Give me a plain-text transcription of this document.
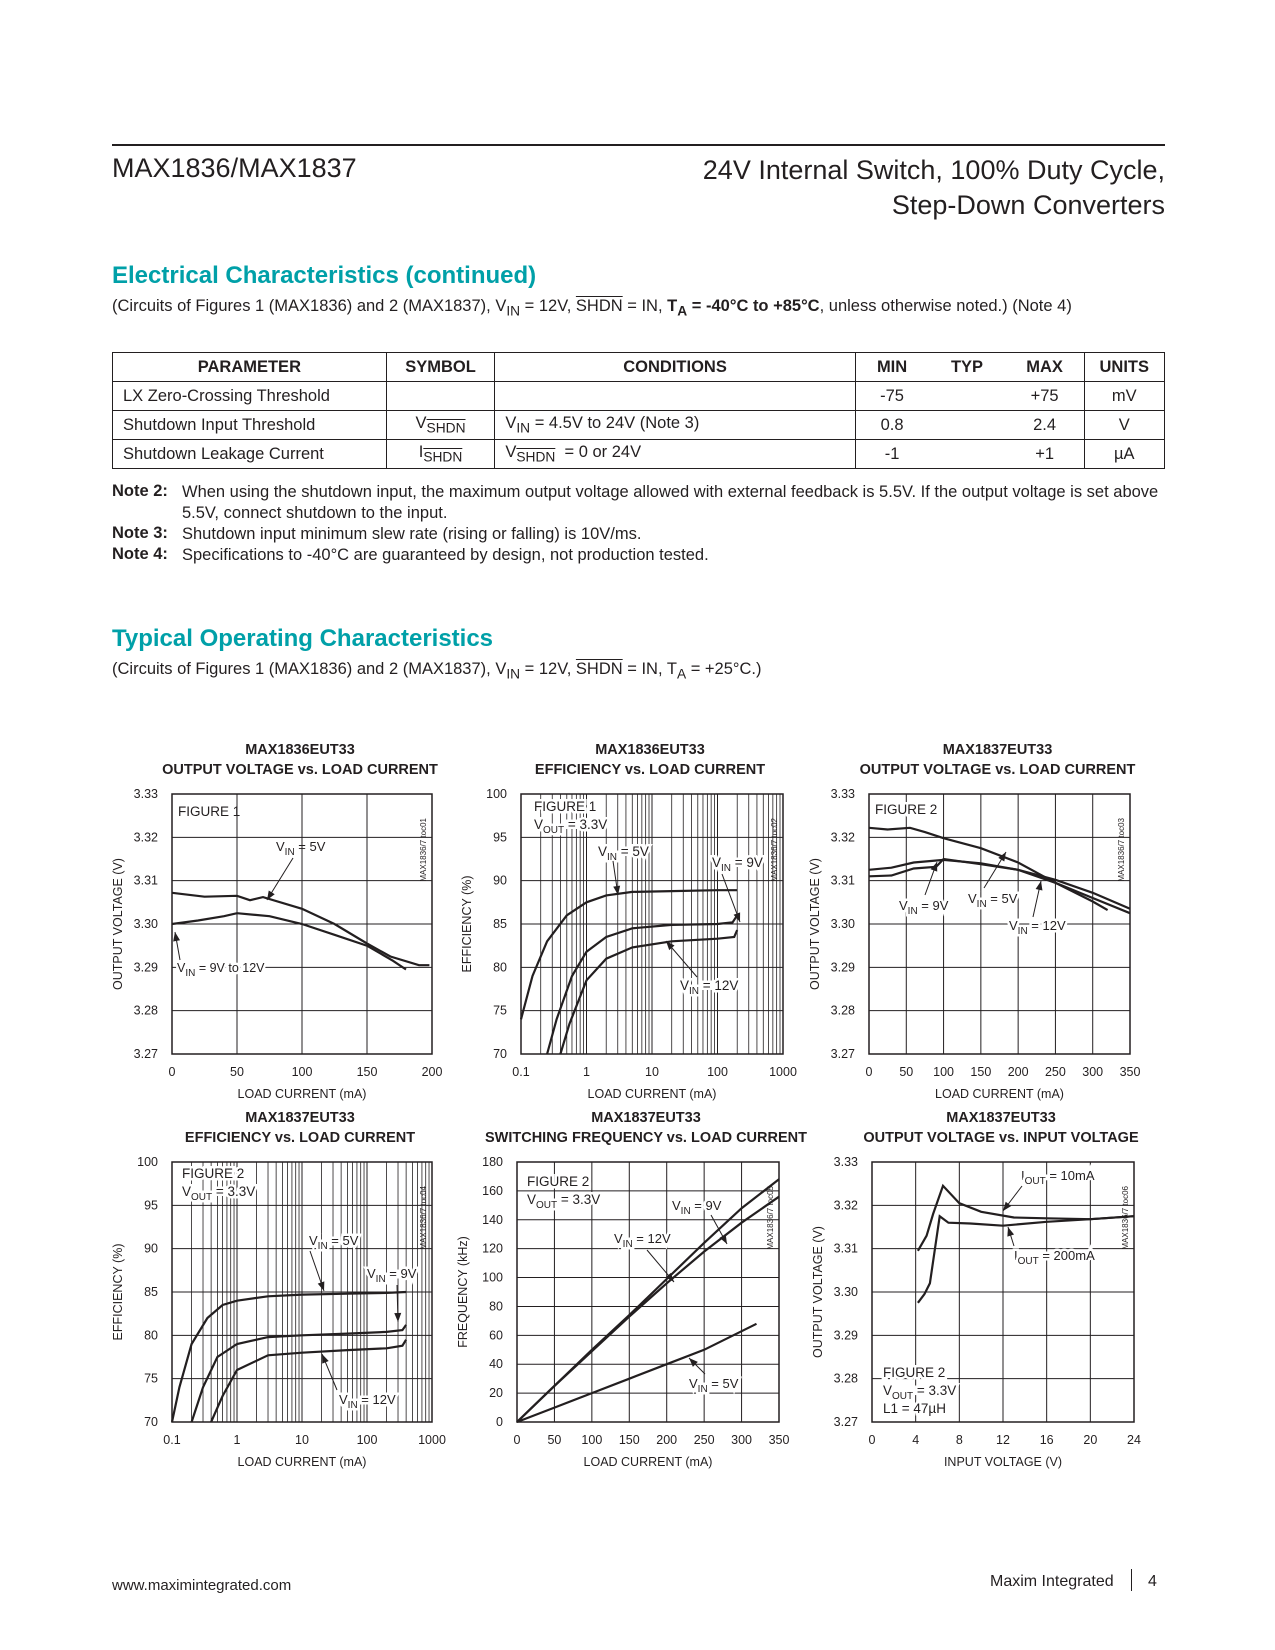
MAX1836/MAX1837	24V Internal Switch, 100% Duty Cycle,
Step-Down Converters
Electrical Characteristics (continued)
(Circuits of Figures 1 (MAX1836) and 2 (MAX1837), $V_{IN} = 12V$, SHDN = IN, $T_A = -40^\circ C$ to +85°C, unless otherwise noted.) (Note 4)
PARAMETER	SYMBOL	CONDITIONS	MIN	TYP	MAX	UNITS
LX Zero-Crossing Threshold			-75		+75	mV
Shutdown Input Threshold	$V_{SHDN}$	$V_{IN} = 4.5V$ to 24V (Note 3)	0.8		2.4	V
Shutdown Leakage Current	$I_{SHDN}$	$V_{SHDN} = 0$ or 24V	-1		+1	µA
Note 2: When using the shutdown input, the maximum output voltage allowed with external feedback is 5.5V. If the output voltage is set above 5.5V, connect shutdown to the input.
Note 3: Shutdown input minimum slew rate (rising or falling) is 10V/ms.
Note 4: Specifications to -40°C are guaranteed by design, not production tested.
Typical Operating Characteristics
(Circuits of Figures 1 (MAX1836) and 2 (MAX1837), $V_{IN} = 12V$, SHDN = IN, $T_A = +25^\circ C$.)
MAX1836EUT33
OUTPUT VOLTAGE vs. LOAD CURRENT
0	50	100	150	200
3.27
3.28
3.29
3.30
3.31
3.32
3.33
LOAD CURRENT (mA)
OUTPUT VOLTAGE (V)
MAX1836/7 toc01
MAX1836EUT33
EFFICIENCY vs. LOAD CURRENT
0.1	1	10	100	1000
70
75
80
85
90
95
100
LOAD CURRENT (mA)
EFFICIENCY (%)
MAX1836/7 toc02
MAX1837EUT33
OUTPUT VOLTAGE vs. LOAD CURRENT
0 50 100 150 200 250 300 350
3.27
3.28
3.29
3.30
3.31
3.32
3.33
LOAD CURRENT (mA)
OUTPUT VOLTAGE (V)
MAX1836/7 toc03
MAX1837EUT33
EFFICIENCY vs. LOAD CURRENT
0.1	1	10	100	1000
70
75
80
85
90
95
100
LOAD CURRENT (mA)
EFFICIENCY (%)
MAX1836/7 toc04
MAX1837EUT33
SWITCHING FREQUENCY vs. LOAD CURRENT
0 50 100 150 200 250 300 350
0
20
40
60
80
100
120
140
160
180
LOAD CURRENT (mA)
FREQUENCY (kHz)
MAX1836/7 toc05
MAX1837EUT33
OUTPUT VOLTAGE vs. INPUT VOLTAGE
0	4	8	12 16 20 24
3.27
3.28
3.29
3.30
3.31
3.32
3.33
INPUT VOLTAGE (V)
OUTPUT VOLTAGE (V)
MAX1836/7 toc06
FIGURE 1
$V_{IN} = 5V$
$V_{IN} = 9V$ to 12V
FIGURE 1
$V_{OUT} = 3.3V$
$V_{IN} = 5V$
$V_{IN} = 9V$
$V_{IN} = 12V$
FIGURE 2
$V_{IN} = 9V$ $V_{IN} = 5V$
$V_{IN} = 12V$
FIGURE 2
$V_{OUT} = 3.3V$
$V_{IN} = 5V$
$V_{IN} = 9V$
$V_{IN} = 12V$
FIGURE 2
$V_{OUT} = 3.3V$	$V_{IN} = 9V$
$V_{IN} = 12V$
$V_{IN} = 5V$
$I_{OUT} = 10mA$
$I_{OUT} = 200mA$
FIGURE 2
$V_{OUT} = 3.3V$
L1 = 47µH
www.maximintegrated.com	Maxim Integrated 4
